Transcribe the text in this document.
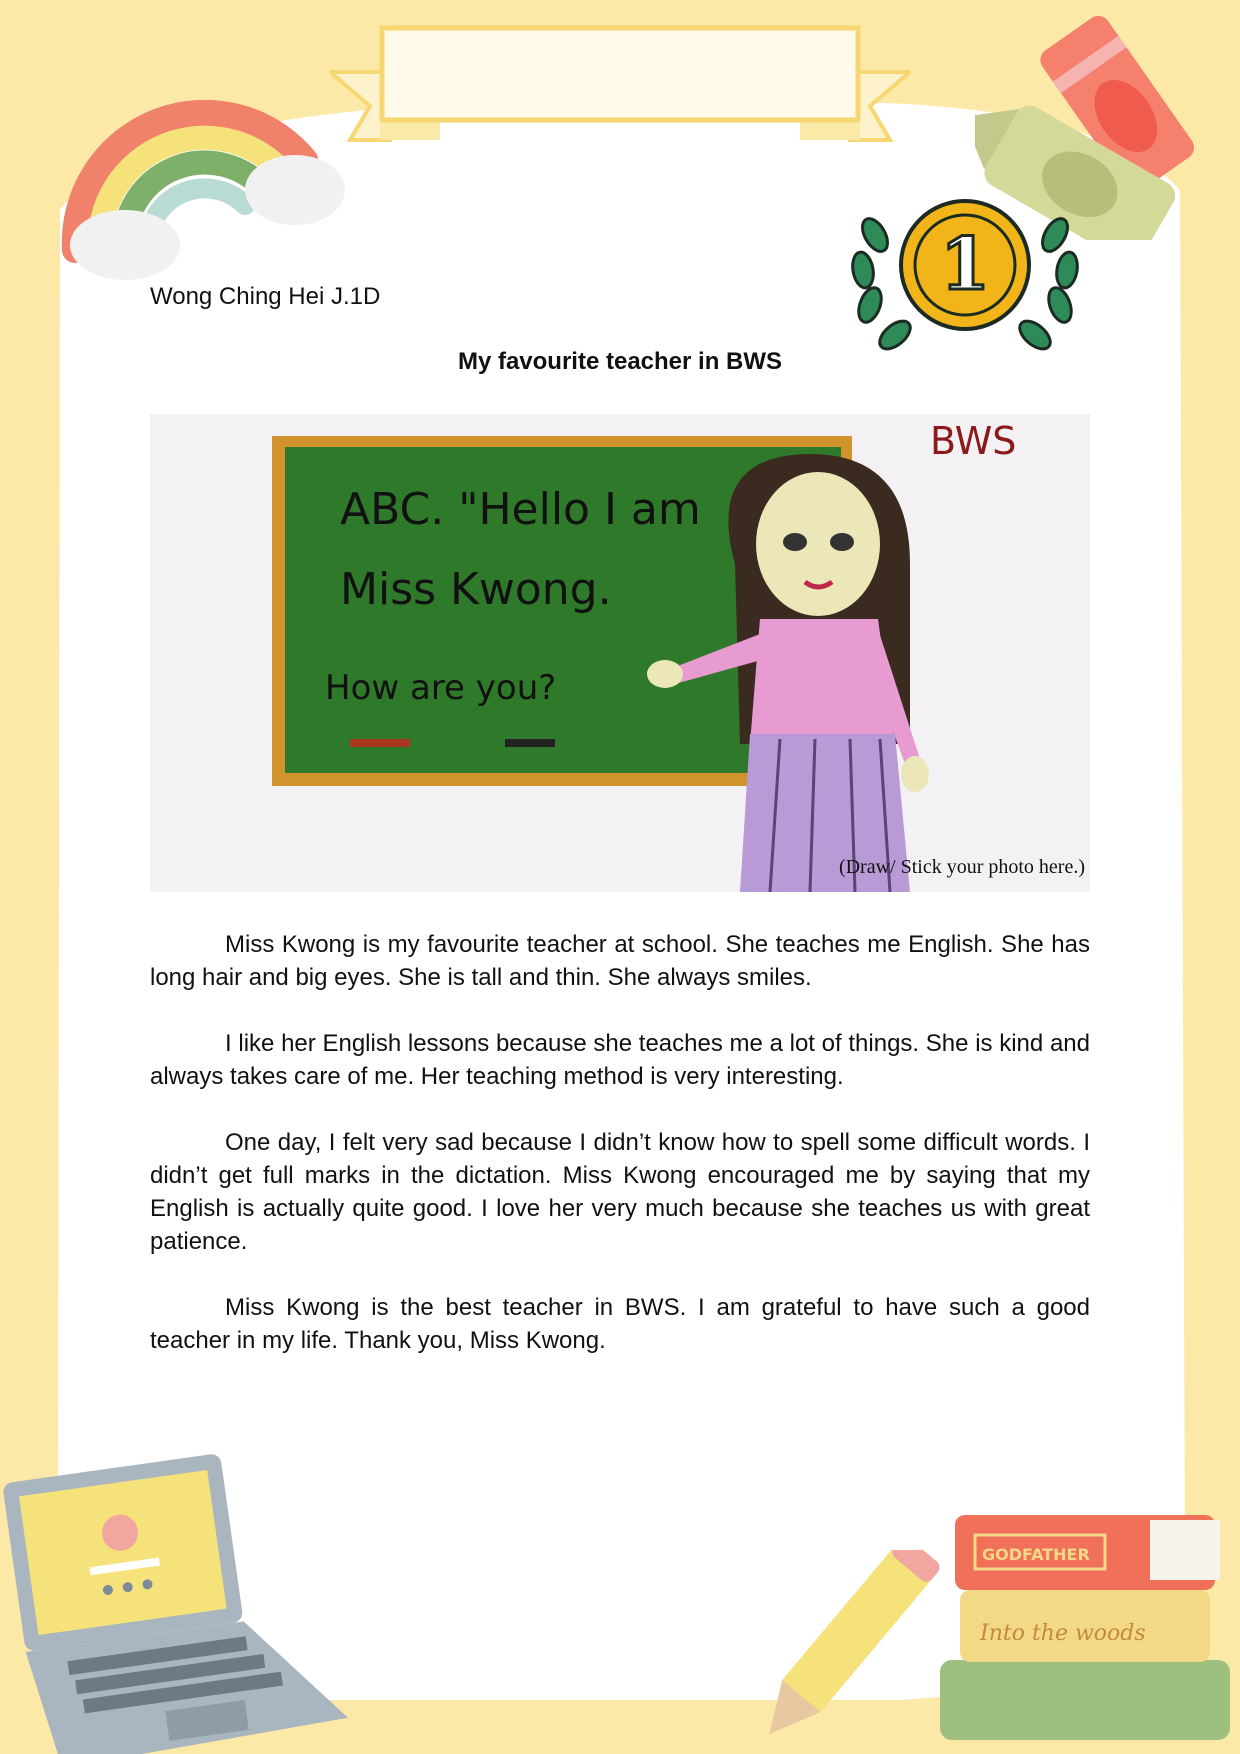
1
Wong Ching Hei J.1D
My favourite teacher in BWS
ABC. "Hello I am
Miss Kwong.
How are you?
BWS
(Draw/ Stick your photo here.)

Miss Kwong is my favourite teacher at school. She teaches me English. She has long hair and big eyes. She is tall and thin. She always smiles.

I like her English lessons because she teaches me a lot of things. She is kind and always takes care of me. Her teaching method is very interesting.

One day, I felt very sad because I didn’t know how to spell some difficult words. I didn’t get full marks in the dictation. Miss Kwong encouraged me by saying that my English is actually quite good. I love her very much because she teaches us with great patience.

Miss Kwong is the best teacher in BWS. I am grateful to have such a good teacher in my life. Thank you, Miss Kwong.

Into the woods
GODFATHER
